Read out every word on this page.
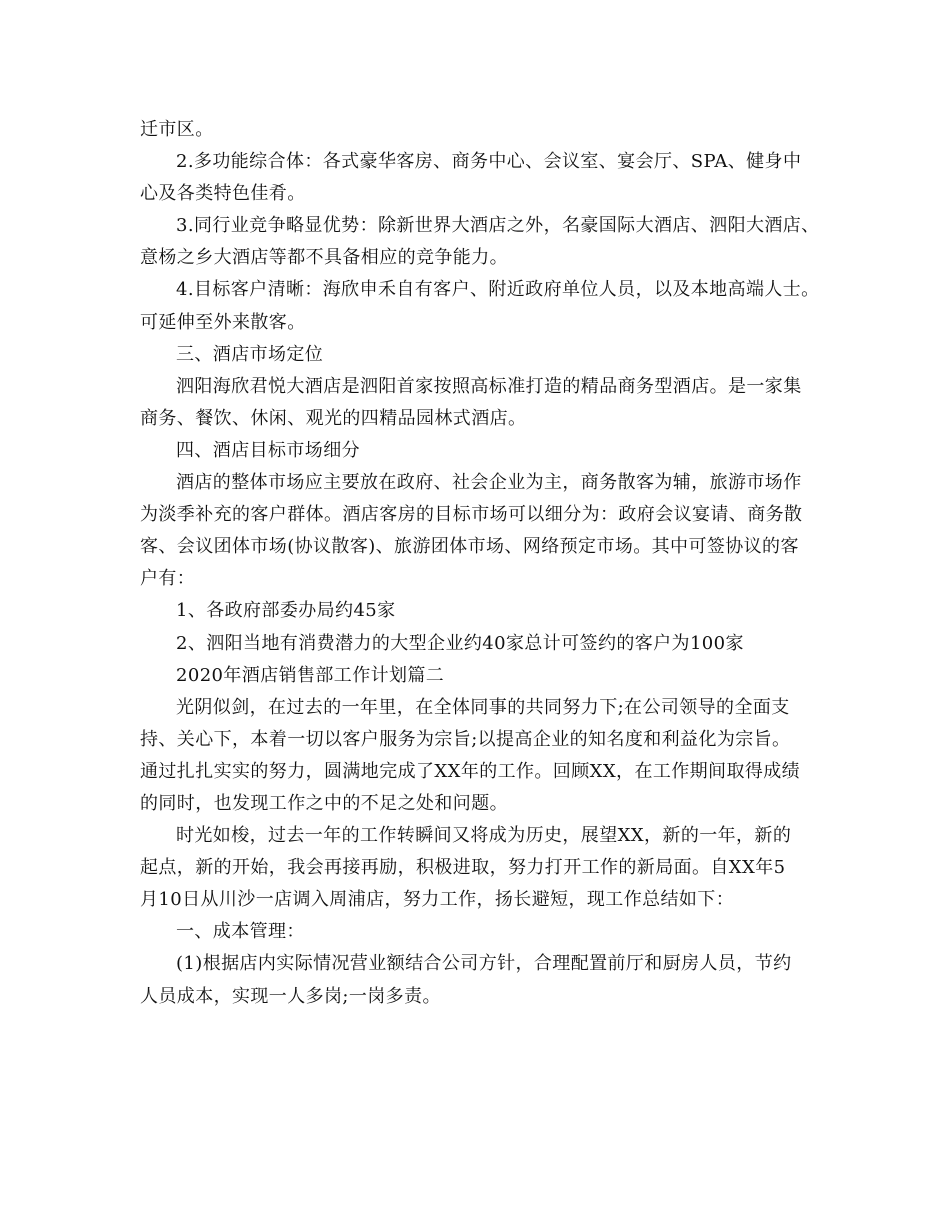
迁市区。
2.多功能综合体：各式豪华客房、商务中心、会议室、宴会厅、SPA、健身中
心及各类特色佳肴。
3.同行业竞争略显优势：除新世界大酒店之外，名豪国际大酒店、泗阳大酒店、
意杨之乡大酒店等都不具备相应的竞争能力。
4.目标客户清晰：海欣申禾自有客户、附近政府单位人员，以及本地高端人士。
可延伸至外来散客。
三、酒店市场定位
泗阳海欣君悦大酒店是泗阳首家按照高标准打造的精品商务型酒店。是一家集
商务、餐饮、休闲、观光的四精品园林式酒店。
四、酒店目标市场细分
酒店的整体市场应主要放在政府、社会企业为主，商务散客为辅，旅游市场作
为淡季补充的客户群体。酒店客房的目标市场可以细分为：政府会议宴请、商务散
客、会议团体市场(协议散客)、旅游团体市场、网络预定市场。其中可签协议的客
户有：
1、各政府部委办局约45家
2、泗阳当地有消费潜力的大型企业约40家总计可签约的客户为100家
2020年酒店销售部工作计划篇二
光阴似剑，在过去的一年里，在全体同事的共同努力下;在公司领导的全面支
持、关心下，本着一切以客户服务为宗旨;以提高企业的知名度和利益化为宗旨。
通过扎扎实实的努力，圆满地完成了XX年的工作。回顾XX，在工作期间取得成绩
的同时，也发现工作之中的不足之处和问题。
时光如梭，过去一年的工作转瞬间又将成为历史，展望XX，新的一年，新的
起点，新的开始，我会再接再励，积极进取，努力打开工作的新局面。自XX年5
月10日从川沙一店调入周浦店，努力工作，扬长避短，现工作总结如下：
一、成本管理：
(1)根据店内实际情况营业额结合公司方针，合理配置前厅和厨房人员，节约
人员成本，实现一人多岗;一岗多责。
